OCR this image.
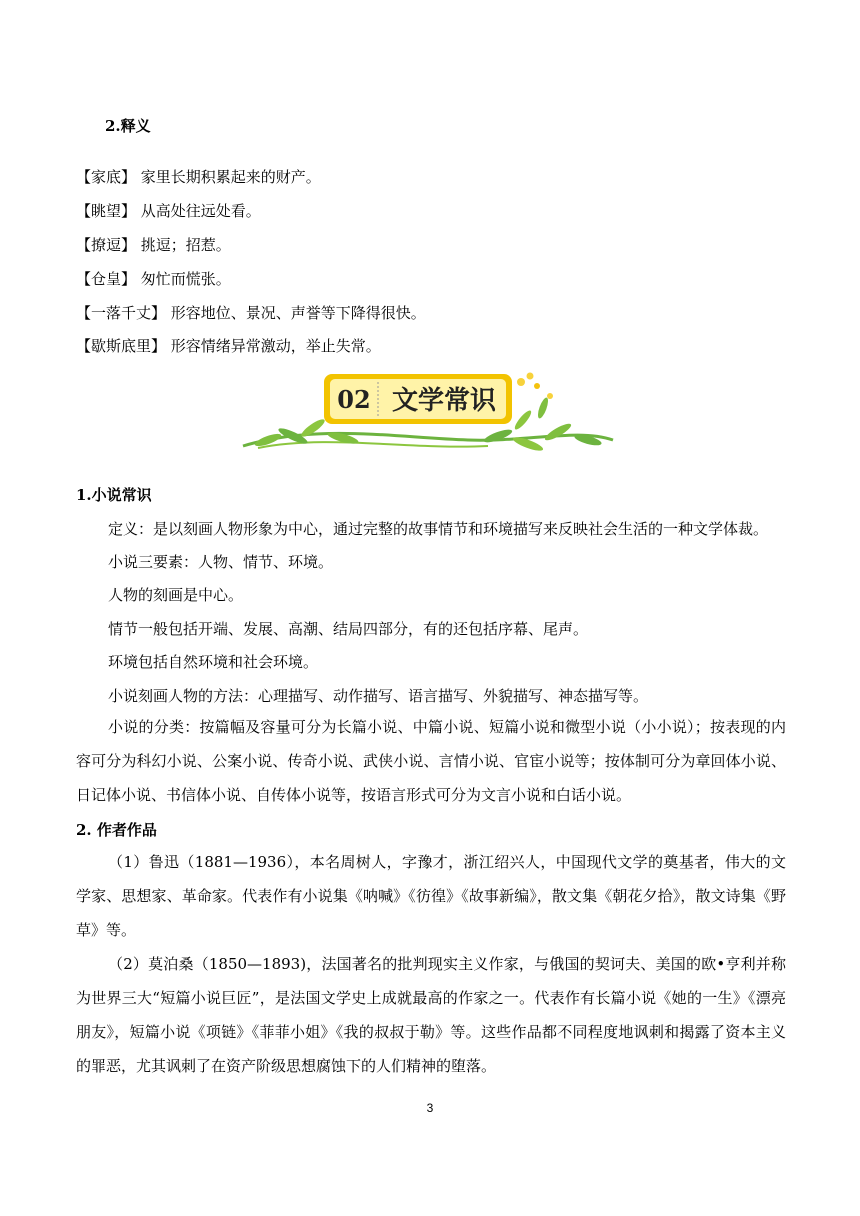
2.释义
【家底】 家里长期积累起来的财产。
【眺望】 从高处往远处看。
【撩逗】 挑逗；招惹。
【仓皇】 匆忙而慌张。
【一落千丈】 形容地位、景况、声誉等下降得很快。
【歇斯底里】 形容情绪异常激动，举止失常。
02 文学常识
1.小说常识
定义：是以刻画人物形象为中心，通过完整的故事情节和环境描写来反映社会生活的一种文学体裁。
小说三要素：人物、情节、环境。
人物的刻画是中心。
情节一般包括开端、发展、高潮、结局四部分，有的还包括序幕、尾声。
环境包括自然环境和社会环境。
小说刻画人物的方法：心理描写、动作描写、语言描写、外貌描写、神态描写等。
小说的分类：按篇幅及容量可分为长篇小说、中篇小说、短篇小说和微型小说（小小说）；按表现的内容可分为科幻小说、公案小说、传奇小说、武侠小说、言情小说、官宦小说等；按体制可分为章回体小说、日记体小说、书信体小说、自传体小说等，按语言形式可分为文言小说和白话小说。
2. 作者作品
（1）鲁迅（1881—1936），本名周树人，字豫才，浙江绍兴人，中国现代文学的奠基者，伟大的文学家、思想家、革命家。代表作有小说集《呐喊》《彷徨》《故事新编》，散文集《朝花夕拾》，散文诗集《野草》等。
（2）莫泊桑（1850—1893)，法国著名的批判现实主义作家，与俄国的契诃夫、美国的欧•亨利并称为世界三大“短篇小说巨匠”，是法国文学史上成就最高的作家之一。代表作有长篇小说《她的一生》《漂亮朋友》，短篇小说《项链》《菲菲小姐》《我的叔叔于勒》等。这些作品都不同程度地讽刺和揭露了资本主义的罪恶，尤其讽刺了在资产阶级思想腐蚀下的人们精神的堕落。
3
